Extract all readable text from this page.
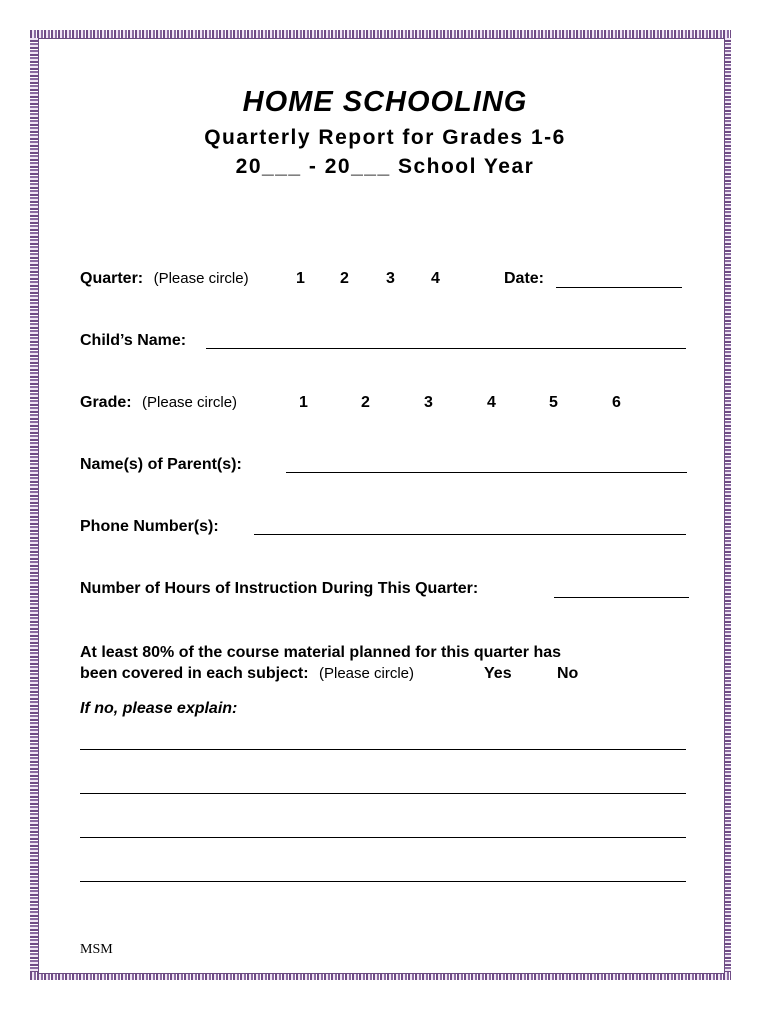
HOME SCHOOLING
Quarterly Report for Grades 1-6
20___ - 20___ School Year
Quarter: (Please circle)	1 2 3 4	Date:
Child’s Name:
Grade: (Please circle)	1	2	3	4	5	6
Name(s) of Parent(s):
Phone Number(s):
Number of Hours of Instruction During This Quarter:
At least 80% of the course material planned for this quarter has
been covered in each subject: (Please circle)	Yes	No
If no, please explain:
MSM
